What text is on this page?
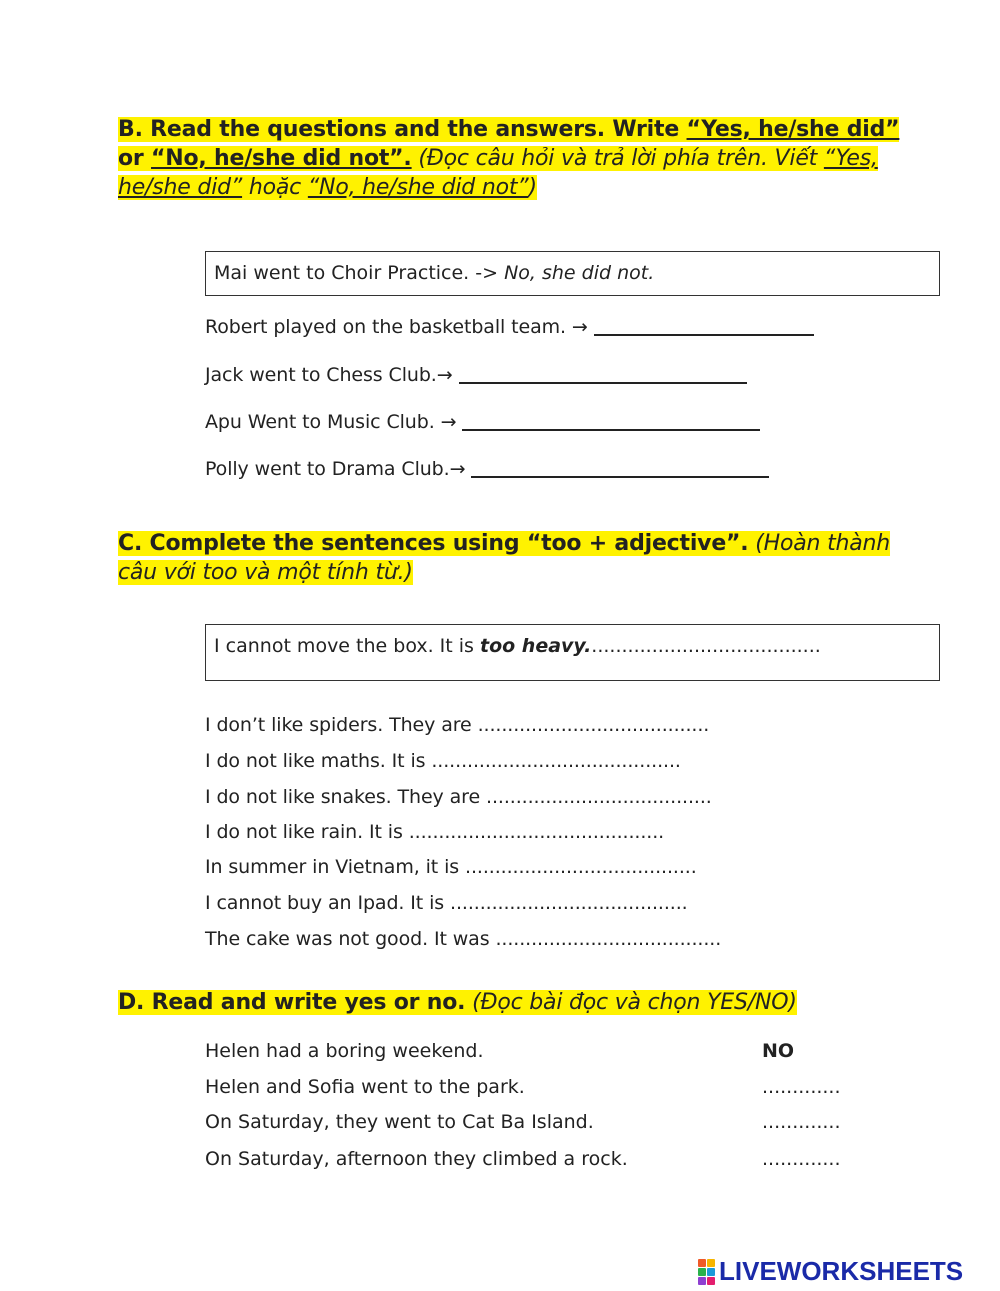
B. Read the questions and the answers. Write “Yes, he/she did” or “No, he/she did not”. (Đọc câu hỏi và trả lời phía trên. Viết “Yes, he/she did” hoặc “No, he/she did not”)
Mai went to Choir Practice. -> No, she did not.
Robert played on the basketball team. →
Jack went to Chess Club.→
Apu Went to Music Club. →
Polly went to Drama Club.→
C. Complete the sentences using “too + adjective”. (Hoàn thành câu với too và một tính từ.)
I cannot move the box. It is too heavy.......................................
I don’t like spiders. They are .......................................
I do not like maths. It is ..........................................
I do not like snakes. They are ......................................
I do not like rain. It is ...........................................
In summer in Vietnam, it is .......................................
I cannot buy an Ipad. It is ........................................
The cake was not good. It was ......................................
D. Read and write yes or no. (Đọc bài đọc và chọn YES/NO)
Helen had a boring weekend.	NO
Helen and Sofia went to the park.	.............
On Saturday, they went to Cat Ba Island.	.............
On Saturday, afternoon they climbed a rock.	.............
LIVEWORKSHEETS
